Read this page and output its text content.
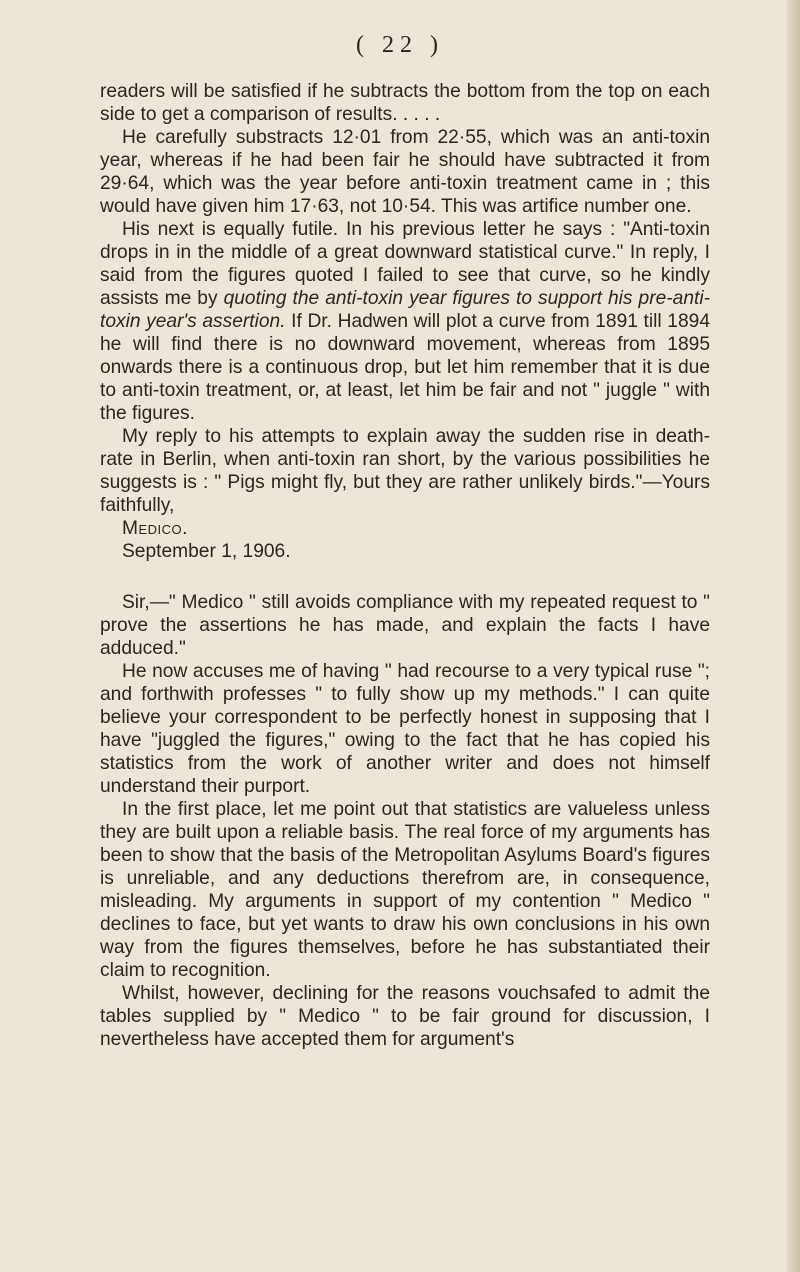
( 22 )

readers will be satisfied if he subtracts the bottom from the top on each side to get a comparison of results. . . . .

He carefully substracts 12·01 from 22·55, which was an anti-toxin year, whereas if he had been fair he should have subtracted it from 29·64, which was the year before anti-toxin treatment came in ; this would have given him 17·63, not 10·54. This was artifice number one.

His next is equally futile. In his previous letter he says : "Anti-toxin drops in in the middle of a great downward statistical curve." In reply, I said from the figures quoted I failed to see that curve, so he kindly assists me by quoting the anti-toxin year figures to support his pre-anti-toxin year's assertion. If Dr. Hadwen will plot a curve from 1891 till 1894 he will find there is no downward movement, whereas from 1895 onwards there is a continuous drop, but let him remember that it is due to anti-toxin treatment, or, at least, let him be fair and not " juggle " with the figures.

My reply to his attempts to explain away the sudden rise in death-rate in Berlin, when anti-toxin ran short, by the various possibilities he suggests is : " Pigs might fly, but they are rather unlikely birds."—Yours faithfully,

Medico.

September 1, 1906.

Sir,—" Medico " still avoids compliance with my repeated request to " prove the assertions he has made, and explain the facts I have adduced."

He now accuses me of having " had recourse to a very typical ruse "; and forthwith professes " to fully show up my methods." I can quite believe your correspondent to be perfectly honest in supposing that I have "juggled the figures," owing to the fact that he has copied his statistics from the work of another writer and does not himself understand their purport.

In the first place, let me point out that statistics are valueless unless they are built upon a reliable basis. The real force of my arguments has been to show that the basis of the Metropolitan Asylums Board's figures is unreliable, and any deductions therefrom are, in consequence, misleading. My arguments in support of my contention " Medico " declines to face, but yet wants to draw his own conclusions in his own way from the figures themselves, before he has substantiated their claim to recognition.

Whilst, however, declining for the reasons vouchsafed to admit the tables supplied by " Medico " to be fair ground for discussion, I nevertheless have accepted them for argument's
